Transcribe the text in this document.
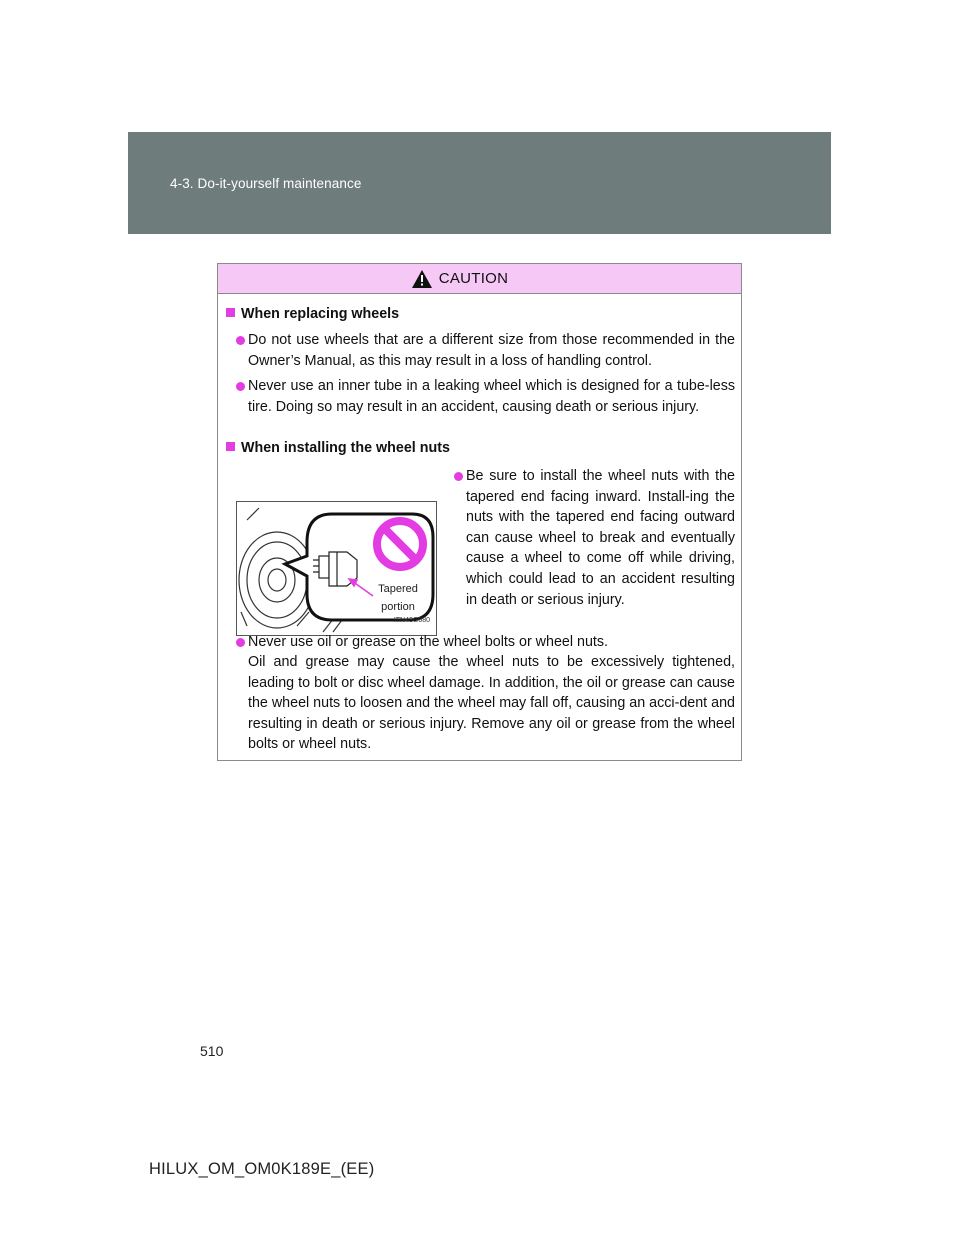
4-3. Do-it-yourself maintenance
CAUTION
When replacing wheels
Do not use wheels that are a different size from those recommended in the Owner’s Manual, as this may result in a loss of handling control.
Never use an inner tube in a leaking wheel which is designed for a tube-less tire. Doing so may result in an accident, causing death or serious injury.
When installing the wheel nuts
Tapered
portion
ITN43G080
Be sure to install the wheel nuts with the tapered end facing inward. Install-ing the nuts with the tapered end facing outward can cause wheel to break and eventually cause a wheel to come off while driving, which could lead to an accident resulting in death or serious injury.
Never use oil or grease on the wheel bolts or wheel nuts.
Oil and grease may cause the wheel nuts to be excessively tightened, leading to bolt or disc wheel damage. In addition, the oil or grease can cause the wheel nuts to loosen and the wheel may fall off, causing an acci-dent and resulting in death or serious injury. Remove any oil or grease from the wheel bolts or wheel nuts.
510
HILUX_OM_OM0K189E_(EE)
